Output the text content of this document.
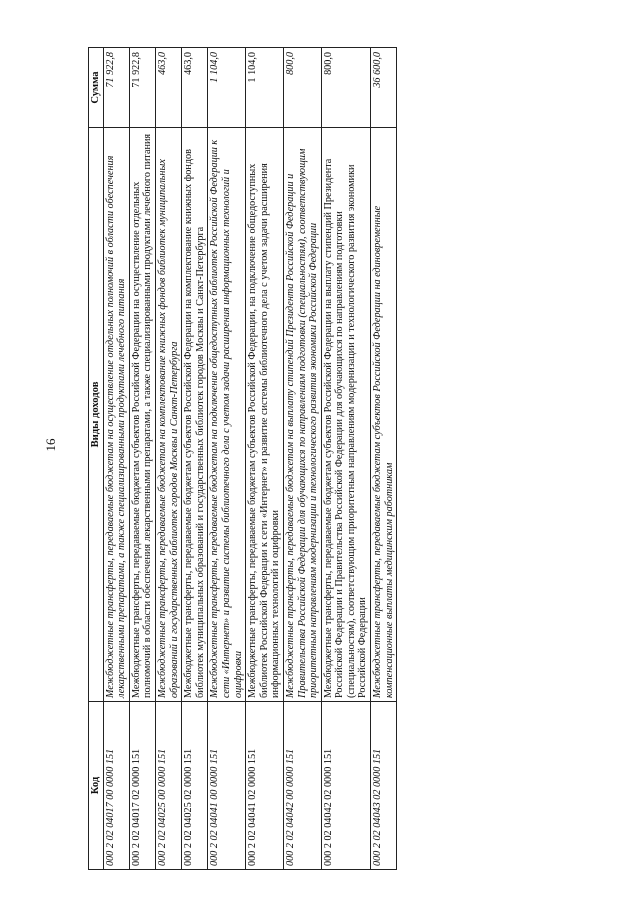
16
Код	Виды доходов	Сумма
000 2 02 04017 00 0000 151	Межбюджетные трансферты, передаваемые бюджетам на осуществление отдельных полномочий в области обеспечения лекарственными препаратами, а также специализированными продуктами лечебного питания	71 922,8
000 2 02 04017 02 0000 151	Межбюджетные трансферты, передаваемые бюджетам субъектов Российской Федерации на осуществление отдельных полномочий в области обеспечения лекарственными препаратами, а также специализированными продуктами лечебного питания	71 922,8
000 2 02 04025 00 0000 151	Межбюджетные трансферты, передаваемые бюджетам на комплектование книжных фондов библиотек муниципальных образований и государственных библиотек городов Москвы и Санкт-Петербурга	463,0
000 2 02 04025 02 0000 151	Межбюджетные трансферты, передаваемые бюджетам субъектов Российской Федерации на комплектование книжных фондов библиотек муниципальных образований и государственных библиотек городов Москвы и Санкт-Петербурга	463,0
000 2 02 04041 00 0000 151	Межбюджетные трансферты, передаваемые бюджетам на подключение общедоступных библиотек Российской Федерации к сети «Интернет» и развитие системы библиотечного дела с учетом задачи расширения информационных технологий и оцифровки	1 104,0
000 2 02 04041 02 0000 151	Межбюджетные трансферты, передаваемые бюджетам субъектов Российской Федерации, на подключение общедоступных библиотек Российской Федерации к сети «Интернет» и развитие системы библиотечного дела с учетом задачи расширения информационных технологий и оцифровки	1 104,0
000 2 02 04042 00 0000 151	Межбюджетные трансферты, передаваемые бюджетам на выплату стипендий Президента Российской Федерации и Правительства Российской Федерации для обучающихся по направлениям подготовки (специальностям), соответствующим приоритетным направлениям модернизации и технологического развития экономики Российской Федерации	800,0
000 2 02 04042 02 0000 151	Межбюджетные трансферты, передаваемые бюджетам субъектов Российской Федерации на выплату стипендий Президента Российской Федерации и Правительства Российской Федерации для обучающихся по направлениям подготовки (специальностям), соответствующим приоритетным направлениям модернизации и технологического развития экономики Российской Федерации	800,0
000 2 02 04043 02 0000 151	Межбюджетные трансферты, передаваемые бюджетам субъектов Российской Федерации на единовременные компенсационные выплаты медицинским работникам	36 600,0
